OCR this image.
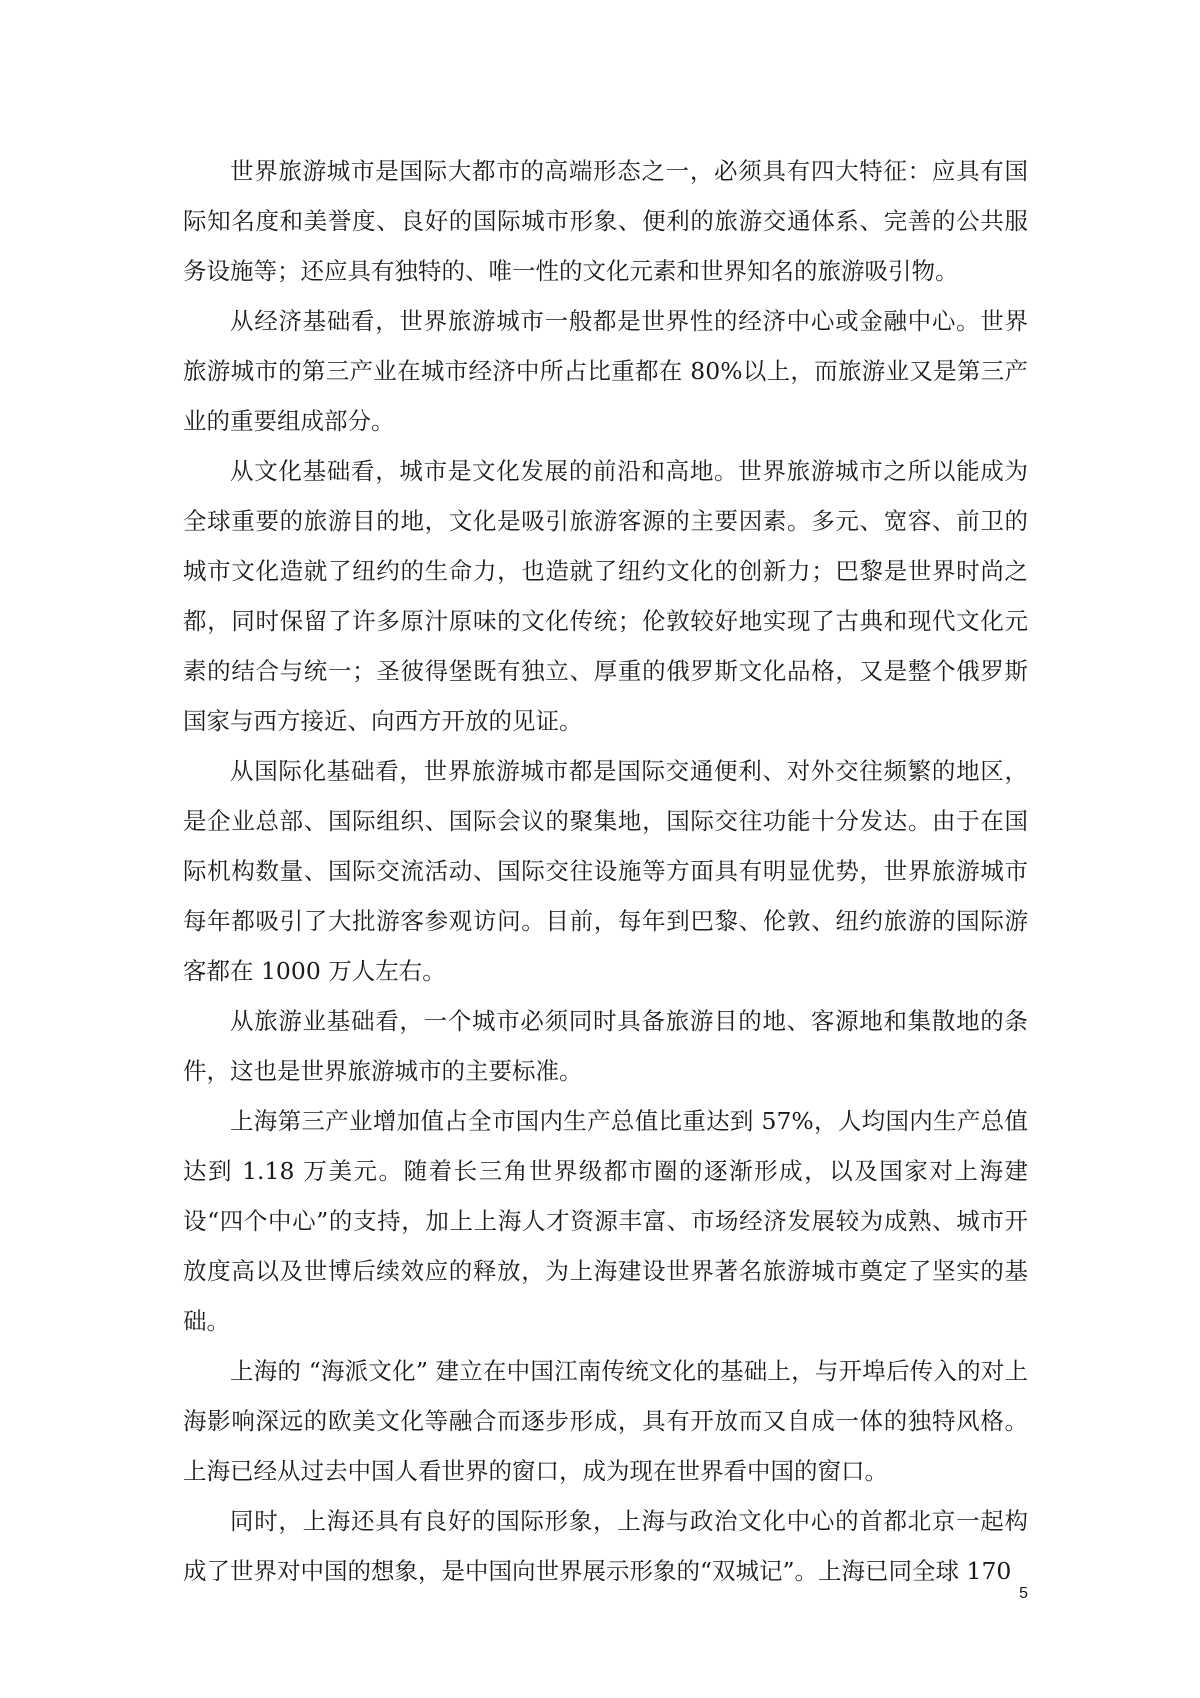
世界旅游城市是国际大都市的高端形态之一，必须具有四大特征：应具有国际知名度和美誉度、良好的国际城市形象、便利的旅游交通体系、完善的公共服务设施等；还应具有独特的、唯一性的文化元素和世界知名的旅游吸引物。

从经济基础看，世界旅游城市一般都是世界性的经济中心或金融中心。世界旅游城市的第三产业在城市经济中所占比重都在 80%以上，而旅游业又是第三产业的重要组成部分。

从文化基础看，城市是文化发展的前沿和高地。世界旅游城市之所以能成为全球重要的旅游目的地，文化是吸引旅游客源的主要因素。多元、宽容、前卫的城市文化造就了纽约的生命力，也造就了纽约文化的创新力；巴黎是世界时尚之都，同时保留了许多原汁原味的文化传统；伦敦较好地实现了古典和现代文化元素的结合与统一；圣彼得堡既有独立、厚重的俄罗斯文化品格，又是整个俄罗斯国家与西方接近、向西方开放的见证。

从国际化基础看，世界旅游城市都是国际交通便利、对外交往频繁的地区，是企业总部、国际组织、国际会议的聚集地，国际交往功能十分发达。由于在国际机构数量、国际交流活动、国际交往设施等方面具有明显优势，世界旅游城市每年都吸引了大批游客参观访问。目前，每年到巴黎、伦敦、纽约旅游的国际游客都在 1000 万人左右。

从旅游业基础看，一个城市必须同时具备旅游目的地、客源地和集散地的条件，这也是世界旅游城市的主要标准。

上海第三产业增加值占全市国内生产总值比重达到 57%，人均国内生产总值达到 1.18 万美元。随着长三角世界级都市圈的逐渐形成，以及国家对上海建设“四个中心”的支持，加上上海人才资源丰富、市场经济发展较为成熟、城市开放度高以及世博后续效应的释放，为上海建设世界著名旅游城市奠定了坚实的基础。

上海的 “海派文化” 建立在中国江南传统文化的基础上，与开埠后传入的对上海影响深远的欧美文化等融合而逐步形成，具有开放而又自成一体的独特风格。上海已经从过去中国人看世界的窗口，成为现在世界看中国的窗口。

同时，上海还具有良好的国际形象，上海与政治文化中心的首都北京一起构成了世界对中国的想象，是中国向世界展示形象的“双城记”。上海已同全球 170

5
